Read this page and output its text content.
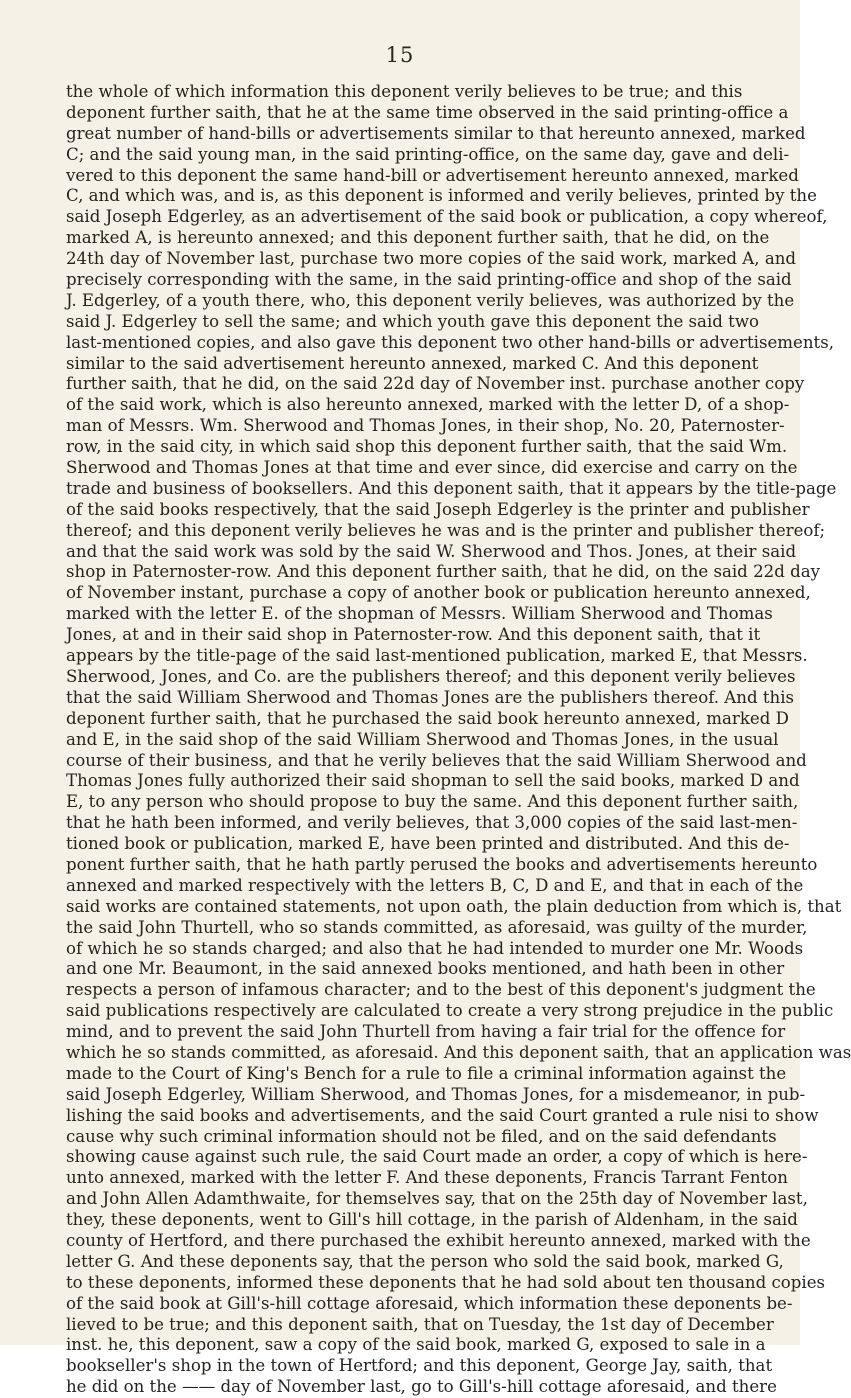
15
the whole of which information this deponent verily believes to be true; and this
deponent further saith, that he at the same time observed in the said printing-office a
great number of hand-bills or advertisements similar to that hereunto annexed, marked
C; and the said young man, in the said printing-office, on the same day, gave and deli-
vered to this deponent the same hand-bill or advertisement hereunto annexed, marked
C, and which was, and is, as this deponent is informed and verily believes, printed by the
said Joseph Edgerley, as an advertisement of the said book or publication, a copy whereof,
marked A, is hereunto annexed; and this deponent further saith, that he did, on the
24th day of November last, purchase two more copies of the said work, marked A, and
precisely corresponding with the same, in the said printing-office and shop of the said
J. Edgerley, of a youth there, who, this deponent verily believes, was authorized by the
said J. Edgerley to sell the same; and which youth gave this deponent the said two
last-mentioned copies, and also gave this deponent two other hand-bills or advertisements,
similar to the said advertisement hereunto annexed, marked C. And this deponent
further saith, that he did, on the said 22d day of November inst. purchase another copy
of the said work, which is also hereunto annexed, marked with the letter D, of a shop-
man of Messrs. Wm. Sherwood and Thomas Jones, in their shop, No. 20, Paternoster-
row, in the said city, in which said shop this deponent further saith, that the said Wm.
Sherwood and Thomas Jones at that time and ever since, did exercise and carry on the
trade and business of booksellers. And this deponent saith, that it appears by the title-page
of the said books respectively, that the said Joseph Edgerley is the printer and publisher
thereof; and this deponent verily believes he was and is the printer and publisher thereof;
and that the said work was sold by the said W. Sherwood and Thos. Jones, at their said
shop in Paternoster-row. And this deponent further saith, that he did, on the said 22d day
of November instant, purchase a copy of another book or publication hereunto annexed,
marked with the letter E. of the shopman of Messrs. William Sherwood and Thomas
Jones, at and in their said shop in Paternoster-row. And this deponent saith, that it
appears by the title-page of the said last-mentioned publication, marked E, that Messrs.
Sherwood, Jones, and Co. are the publishers thereof; and this deponent verily believes
that the said William Sherwood and Thomas Jones are the publishers thereof. And this
deponent further saith, that he purchased the said book hereunto annexed, marked D
and E, in the said shop of the said William Sherwood and Thomas Jones, in the usual
course of their business, and that he verily believes that the said William Sherwood and
Thomas Jones fully authorized their said shopman to sell the said books, marked D and
E, to any person who should propose to buy the same. And this deponent further saith,
that he hath been informed, and verily believes, that 3,000 copies of the said last-men-
tioned book or publication, marked E, have been printed and distributed. And this de-
ponent further saith, that he hath partly perused the books and advertisements hereunto
annexed and marked respectively with the letters B, C, D and E, and that in each of the
said works are contained statements, not upon oath, the plain deduction from which is, that
the said John Thurtell, who so stands committed, as aforesaid, was guilty of the murder,
of which he so stands charged; and also that he had intended to murder one Mr. Woods
and one Mr. Beaumont, in the said annexed books mentioned, and hath been in other
respects a person of infamous character; and to the best of this deponent's judgment the
said publications respectively are calculated to create a very strong prejudice in the public
mind, and to prevent the said John Thurtell from having a fair trial for the offence for
which he so stands committed, as aforesaid. And this deponent saith, that an application was
made to the Court of King's Bench for a rule to file a criminal information against the
said Joseph Edgerley, William Sherwood, and Thomas Jones, for a misdemeanor, in pub-
lishing the said books and advertisements, and the said Court granted a rule nisi to show
cause why such criminal information should not be filed, and on the said defendants
showing cause against such rule, the said Court made an order, a copy of which is here-
unto annexed, marked with the letter F. And these deponents, Francis Tarrant Fenton
and John Allen Adamthwaite, for themselves say, that on the 25th day of November last,
they, these deponents, went to Gill's hill cottage, in the parish of Aldenham, in the said
county of Hertford, and there purchased the exhibit hereunto annexed, marked with the
letter G. And these deponents say, that the person who sold the said book, marked G,
to these deponents, informed these deponents that he had sold about ten thousand copies
of the said book at Gill's-hill cottage aforesaid, which information these deponents be-
lieved to be true; and this deponent saith, that on Tuesday, the 1st day of December
inst. he, this deponent, saw a copy of the said book, marked G, exposed to sale in a
bookseller's shop in the town of Hertford; and this deponent, George Jay, saith, that
he did on the —— day of November last, go to Gill's-hill cottage aforesaid, and there
